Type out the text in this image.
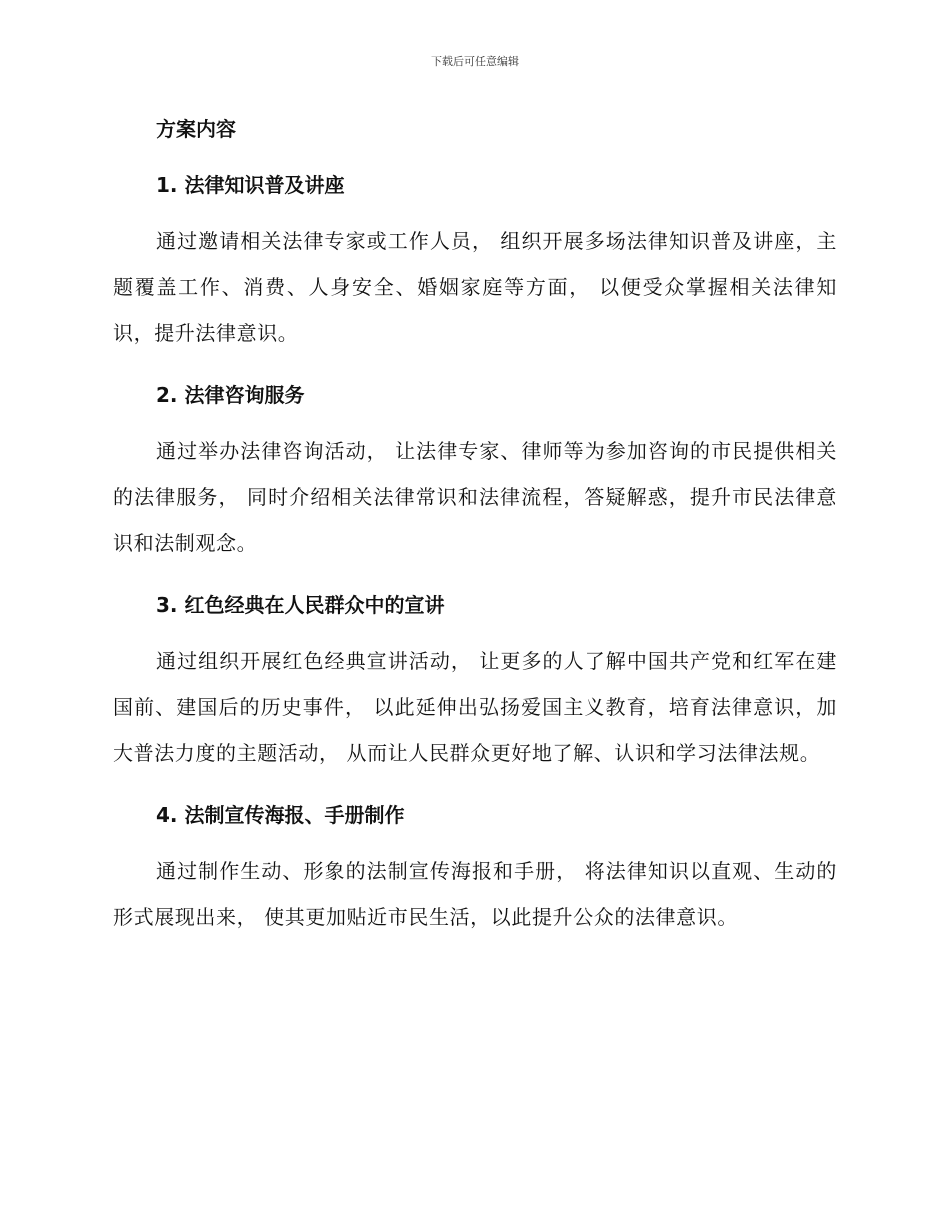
下载后可任意编辑
方案内容
1. 法律知识普及讲座

通过邀请相关法律专家或工作人员， 组织开展多场法律知识普及讲座，主题覆盖工作、消费、人身安全、婚姻家庭等方面， 以便受众掌握相关法律知识，提升法律意识。

2. 法律咨询服务

通过举办法律咨询活动， 让法律专家、律师等为参加咨询的市民提供相关的法律服务， 同时介绍相关法律常识和法律流程，答疑解惑，提升市民法律意识和法制观念。

3. 红色经典在人民群众中的宣讲

通过组织开展红色经典宣讲活动， 让更多的人了解中国共产党和红军在建国前、建国后的历史事件， 以此延伸出弘扬爱国主义教育，培育法律意识，加大普法力度的主题活动， 从而让人民群众更好地了解、认识和学习法律法规。

4. 法制宣传海报、手册制作

通过制作生动、形象的法制宣传海报和手册， 将法律知识以直观、生动的形式展现出来， 使其更加贴近市民生活，以此提升公众的法律意识。
